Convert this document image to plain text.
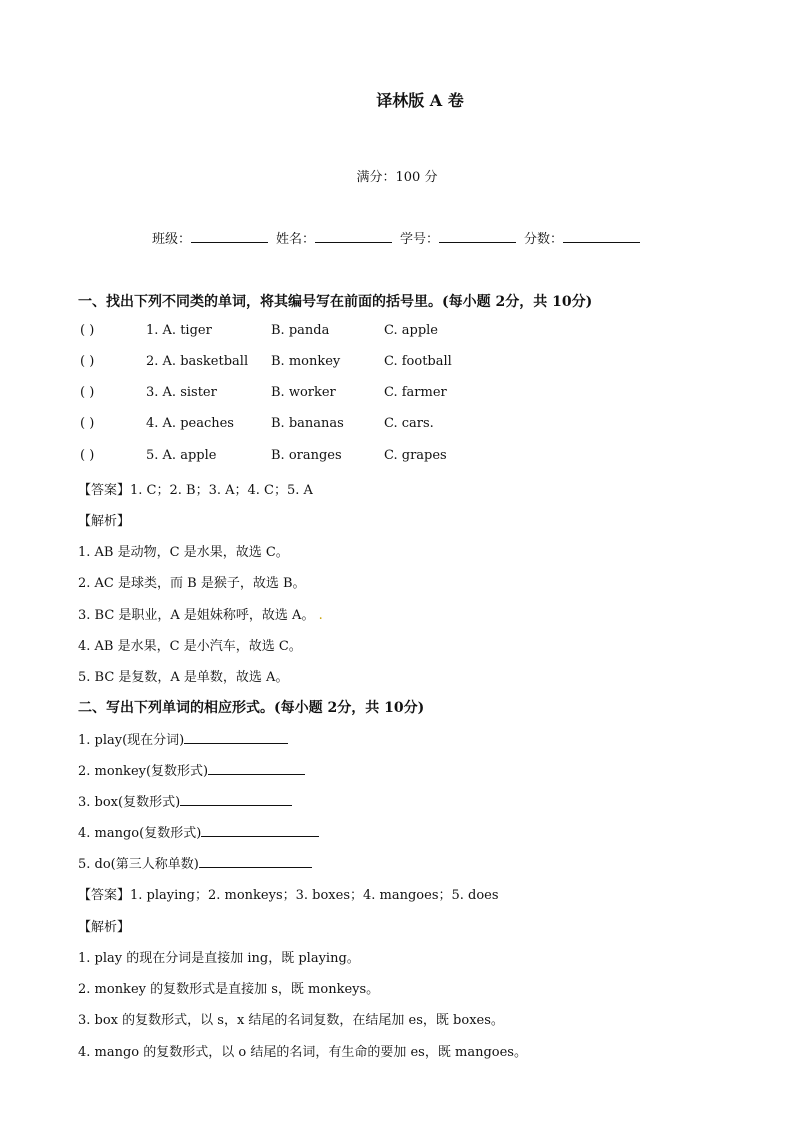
译林版 A 卷
满分：100 分
班级：	姓名：	学号：	分数：
一、找出下列不同类的单词，将其编号写在前面的括号里。(每小题 2分，共 10分)
( )	1. A. tiger	B. panda	C. apple
( )	2. A. basketball B. monkey	C. football
( )	3. A. sister	B. worker	C. farmer
( )	4. A. peaches	B. bananas	C. cars.
( )	5. A. apple	B. oranges	C. grapes
【答案】1. C；2. B；3. A；4. C；5. A
【解析】
1. AB 是动物，C 是水果，故选 C。
2. AC 是球类，而 B 是猴子，故选 B。
3. BC 是职业，A 是姐妹称呼，故选 A。 .
4. AB 是水果，C 是小汽车，故选 C。
5. BC 是复数，A 是单数，故选 A。
二、写出下列单词的相应形式。(每小题 2分，共 10分)
1. play(现在分词)
2. monkey(复数形式)
3. box(复数形式)
4. mango(复数形式)
5. do(第三人称单数)
【答案】1. playing；2. monkeys；3. boxes；4. mangoes；5. does
【解析】
1. play 的现在分词是直接加 ing，既 playing。
2. monkey 的复数形式是直接加 s，既 monkeys。
3. box 的复数形式，以 s，x 结尾的名词复数，在结尾加 es，既 boxes。
4. mango 的复数形式，以 o 结尾的名词，有生命的要加 es，既 mangoes。
